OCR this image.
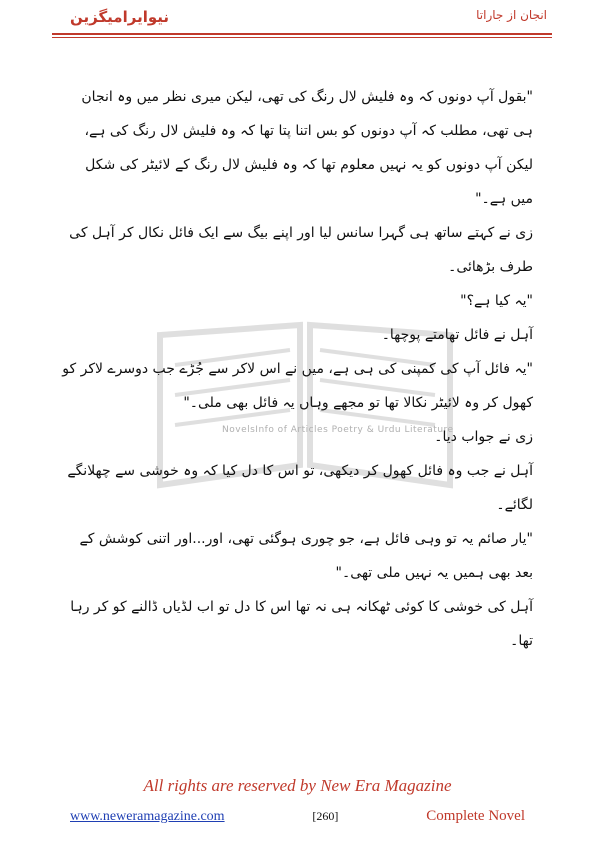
نیوایرامیگزین	انجان از جاراتا
NovelsInfo of Articles Poetry & Urdu Literature

"بقول آپ دونوں کہ وہ فلیش لال رنگ کی تھی، لیکن میری نظر میں وہ انجان ہی تھی، مطلب کہ آپ دونوں کو بس اتنا پتا تھا کہ وہ فلیش لال رنگ کی ہے، لیکن آپ دونوں کو یہ نہیں معلوم تھا کہ وہ فلیش لال رنگ کے لائیٹر کی شکل میں ہے۔"

زی نے کہتے ساتھ ہی گہرا سانس لیا اور اپنے بیگ سے ایک فائل نکال کر آہل کی طرف بڑھائی۔

"یہ کیا ہے؟"

آہل نے فائل تھامتے پوچھا۔

"یہ فائل آپ کی کمپنی کی ہی ہے، میں نے اس لاکر سے جُڑے جب دوسرے لاکر کو کھول کر وہ لائیٹر نکالا تھا تو مجھے وہاں یہ فائل بھی ملی۔"

زی نے جواب دیا۔

آہل نے جب وہ فائل کھول کر دیکھی، تو اس کا دل کیا کہ وہ خوشی سے چھلانگے لگائے۔

"یار صائم یہ تو وہی فائل ہے، جو چوری ہوگئی تھی، اور...اور اتنی کوشش کے بعد بھی ہمیں یہ نہیں ملی تھی۔"

آہل کی خوشی کا کوئی ٹھکانہ ہی نہ تھا اس کا دل تو اب لڈیاں ڈالنے کو کر رہا تھا۔

All rights are reserved by New Era Magazine
www.neweramagazine.com	[260]	Complete Novel
